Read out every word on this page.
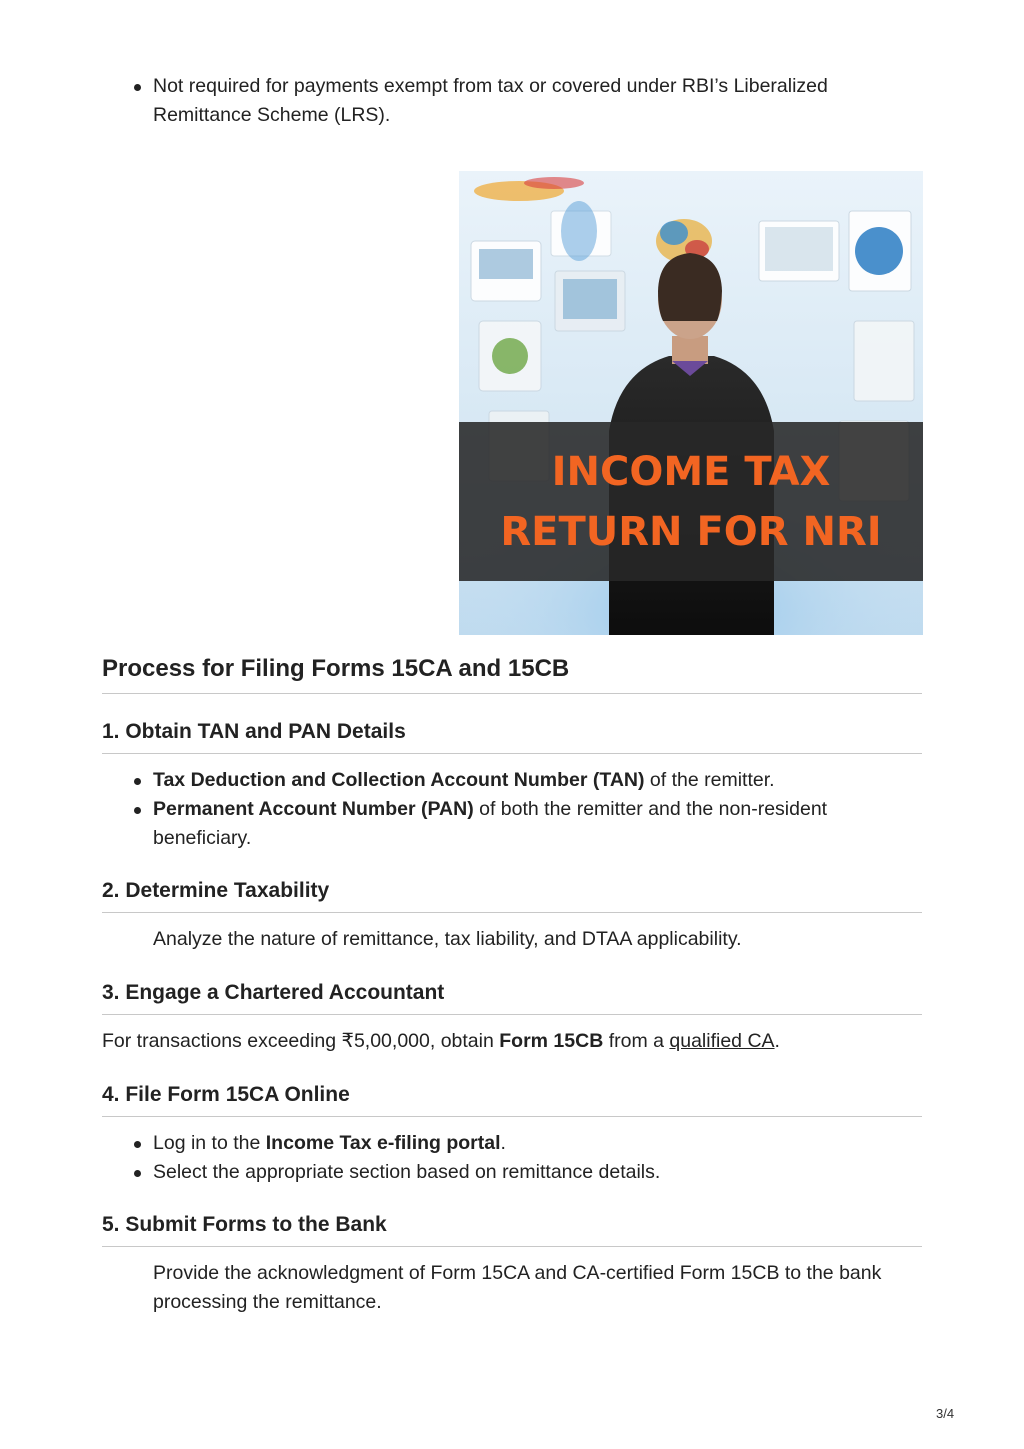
Not required for payments exempt from tax or covered under RBI’s Liberalized Remittance Scheme (LRS).
INCOME TAX
RETURN FOR NRI
Process for Filing Forms 15CA and 15CB
1. Obtain TAN and PAN Details
Tax Deduction and Collection Account Number (TAN) of the remitter.
Permanent Account Number (PAN) of both the remitter and the non-resident beneficiary.
2. Determine Taxability

Analyze the nature of remittance, tax liability, and DTAA applicability.

3. Engage a Chartered Accountant

For transactions exceeding ₹5,00,000, obtain Form 15CB from a qualified CA.

4. File Form 15CA Online
Log in to the Income Tax e-filing portal.
Select the appropriate section based on remittance details.
5. Submit Forms to the Bank

Provide the acknowledgment of Form 15CA and CA-certified Form 15CB to the bank processing the remittance.

3/4
